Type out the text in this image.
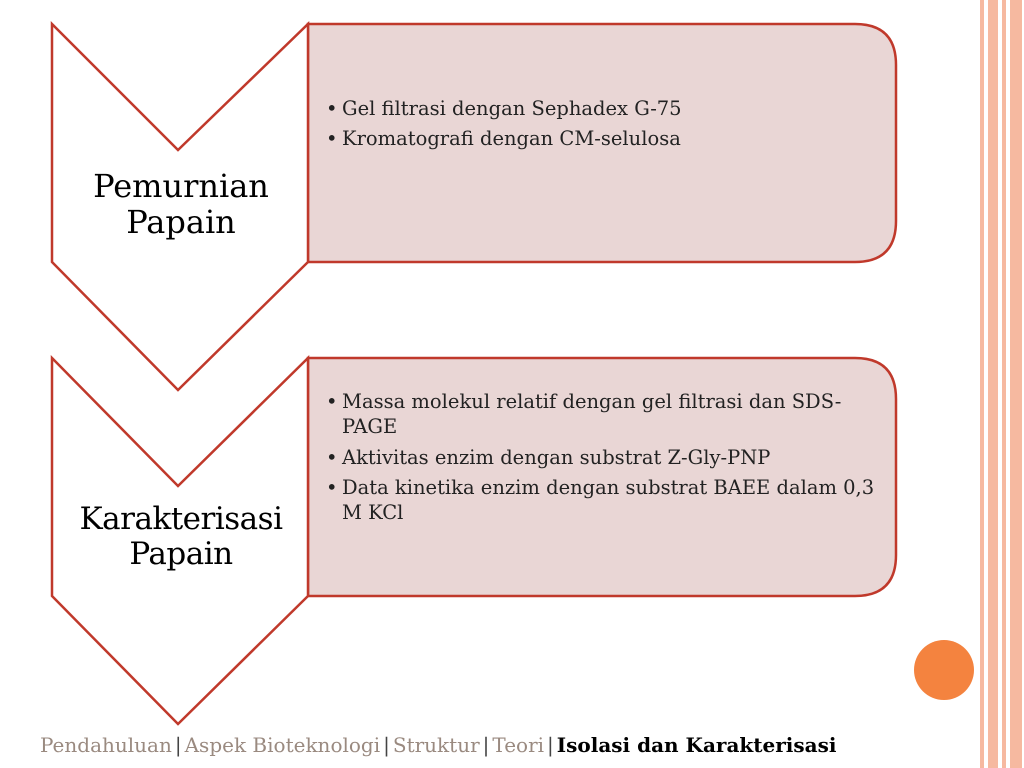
Pemurnian
Papain
Karakterisasi
Papain
• Gel filtrasi dengan Sephadex G-75
• Kromatografi dengan CM-selulosa
• Massa molekul relatif dengan gel filtrasi dan SDS-PAGE
• Aktivitas enzim dengan substrat Z-Gly-PNP
• Data kinetika enzim dengan substrat BAEE dalam 0,3 M KCl
Pendahuluan | Aspek Bioteknologi | Struktur | Teori | Isolasi dan Karakterisasi
